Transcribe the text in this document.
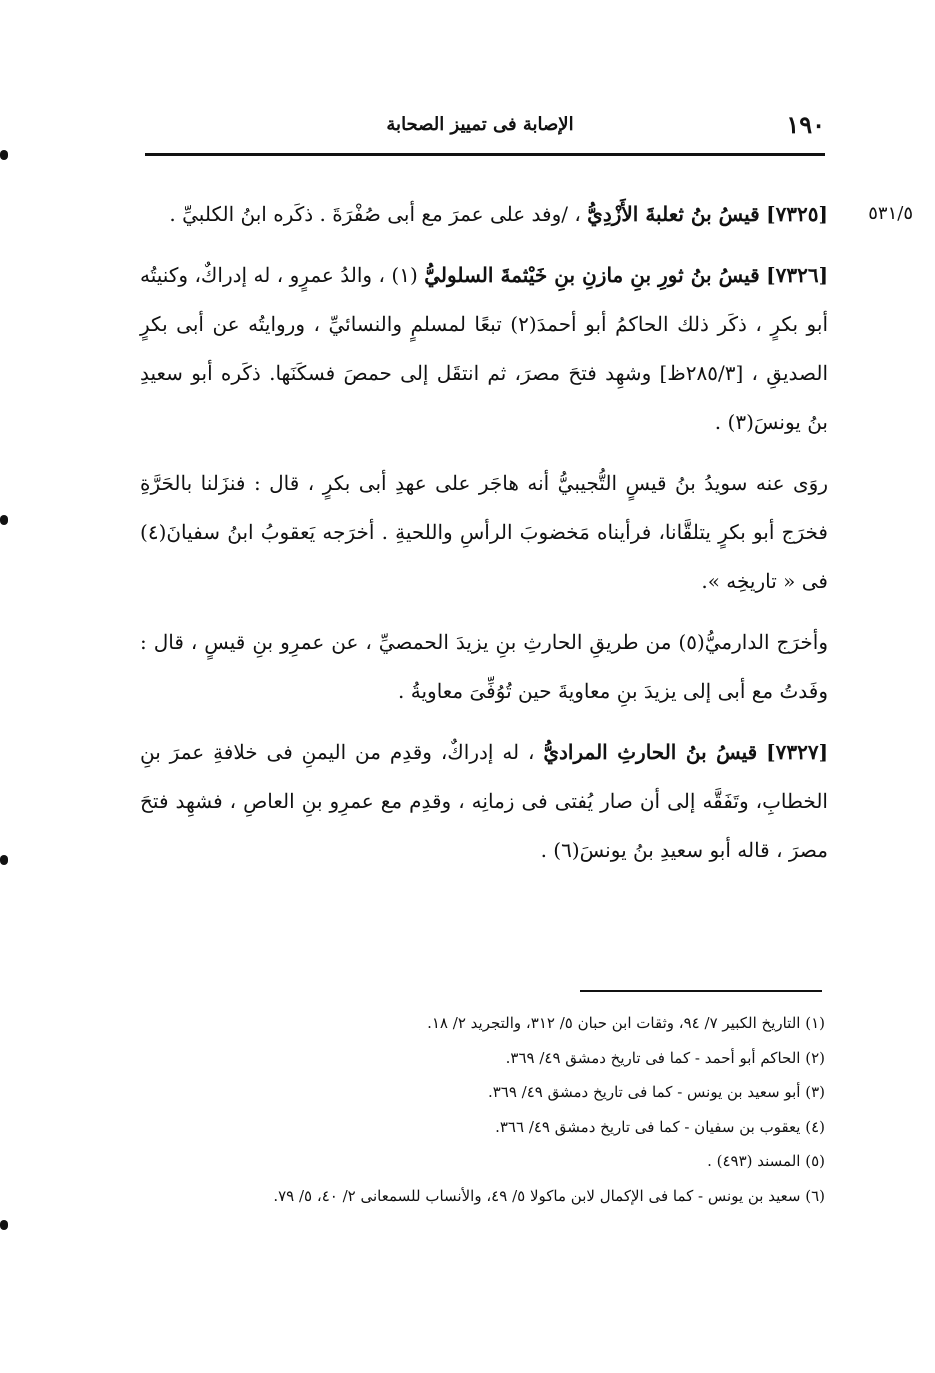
١٩٠
الإصابة فى تمييز الصحابة
٥٣١/٥

[٧٣٢٥] قيسُ بنُ ثعلبةَ الأَزْدِيُّ ، /وفد على عمرَ مع أبى صُفْرَةَ . ذكَره ابنُ الكلبيِّ .

[٧٣٢٦] قيسُ بنُ ثورِ بنِ مازنِ بنِ خَيْثمةَ السلوليُّ (١) ، والدُ عمرٍو ، له إدراكٌ، وكنيتُه أبو بكرٍ ، ذكَر ذلك الحاكمُ أبو أحمدَ(٢) تبعًا لمسلمٍ والنسائيِّ ، وروايتُه عن أبى بكرٍ الصديقِ ، [٢٨٥/٣ظ] وشهِد فتحَ مصرَ، ثم انتقَل إلى حمصَ فسكَنَها. ذكَره أبو سعيدِ بنُ يونسَ(٣) .

روَى عنه سويدُ بنُ قيسٍ التُّجيبيُّ أنه هاجَر على عهدِ أبى بكرٍ ، قال : فنزَلنا بالحَرَّةِ فخرَج أبو بكرٍ يتلقَّانا، فرأيناه مَخضوبَ الرأسِ واللحيةِ . أخرَجه يَعقوبُ ابنُ سفيانَ(٤) فى « تاريخِه ».

وأخرَج الدارميُّ(٥) من طريقِ الحارثِ بنِ يزيدَ الحمصيِّ ، عن عمرِو بنِ قيسٍ ، قال : وفَدتُ مع أبى إلى يزيدَ بنِ معاويةَ حين تُوُفِّىَ معاويةُ .

[٧٣٢٧] قيسُ بنُ الحارثِ المراديُّ ، له إدراكٌ، وقدِم من اليمنِ فى خلافةِ عمرَ بنِ الخطابِ، وتَفَقَّه إلى أن صار يُفتى فى زمانِه ، وقدِم مع عمرِو بنِ العاصِ ، فشهِد فتحَ مصرَ ، قاله أبو سعيدِ بنُ يونسَ(٦) .

(١) التاريخ الكبير ٧/ ٩٤، وثقات ابن حبان ٥/ ٣١٢، والتجريد ٢/ ١٨.
(٢) الحاكم أبو أحمد - كما فى تاريخ دمشق ٤٩/ ٣٦٩.
(٣) أبو سعيد بن يونس - كما فى تاريخ دمشق ٤٩/ ٣٦٩.
(٤) يعقوب بن سفيان - كما فى تاريخ دمشق ٤٩/ ٣٦٦.
(٥) المسند (٤٩٣) .
(٦) سعيد بن يونس - كما فى الإكمال لابن ماكولا ٥/ ٤٩، والأنساب للسمعانى ٢/ ٤٠، ٥/ ٧٩.
